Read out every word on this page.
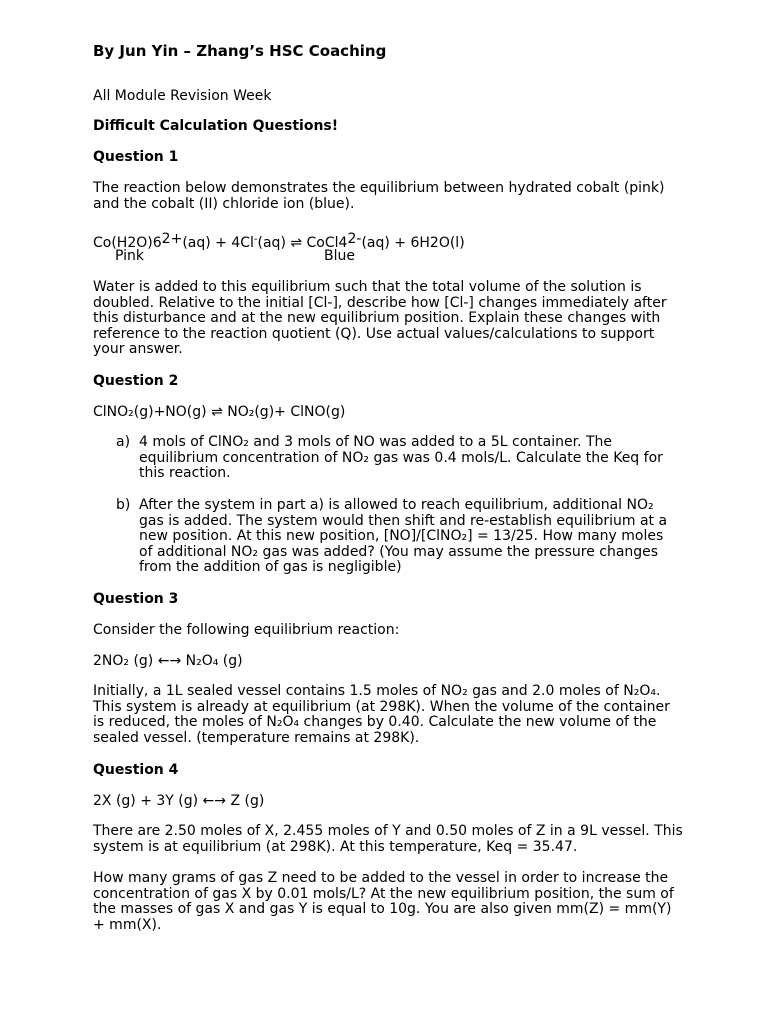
By Jun Yin – Zhang’s HSC Coaching
All Module Revision Week
Difficult Calculation Questions!
Question 1
The reaction below demonstrates the equilibrium between hydrated cobalt (pink) and the cobalt (II) chloride ion (blue).
$Co(H2O)6^{2+}(aq) + 4Cl^-(aq)$ ⇌ $CoCl4^{2-}(aq) + 6H2O(l)$
Pink	Blue
Water is added to this equilibrium such that the total volume of the solution is doubled. Relative to the initial [Cl-], describe how [Cl-] changes immediately after this disturbance and at the new equilibrium position. Explain these changes with reference to the reaction quotient (Q). Use actual values/calculations to support your answer.
Question 2
ClNO₂(g)+NO(g) ⇌ NO₂(g)+ ClNO(g)
a) 4 mols of ClNO₂ and 3 mols of NO was added to a 5L container. The equilibrium concentration of NO₂ gas was 0.4 mols/L. Calculate the Keq for this reaction.
b) After the system in part a) is allowed to reach equilibrium, additional NO₂ gas is added. The system would then shift and re-establish equilibrium at a new position. At this new position, [NO]/[ClNO₂] = 13/25. How many moles of additional NO₂ gas was added? (You may assume the pressure changes from the addition of gas is negligible)
Question 3
Consider the following equilibrium reaction:
2NO₂ (g) ←→ N₂O₄ (g)
Initially, a 1L sealed vessel contains 1.5 moles of NO₂ gas and 2.0 moles of N₂O₄. This system is already at equilibrium (at 298K). When the volume of the container is reduced, the moles of N₂O₄ changes by 0.40. Calculate the new volume of the sealed vessel. (temperature remains at 298K).
Question 4
2X (g) + 3Y (g) ←→ Z (g)
There are 2.50 moles of X, 2.455 moles of Y and 0.50 moles of Z in a 9L vessel. This system is at equilibrium (at 298K). At this temperature, Keq = 35.47.
How many grams of gas Z need to be added to the vessel in order to increase the concentration of gas X by 0.01 mols/L? At the new equilibrium position, the sum of the masses of gas X and gas Y is equal to 10g. You are also given mm(Z) = mm(Y) + mm(X).
